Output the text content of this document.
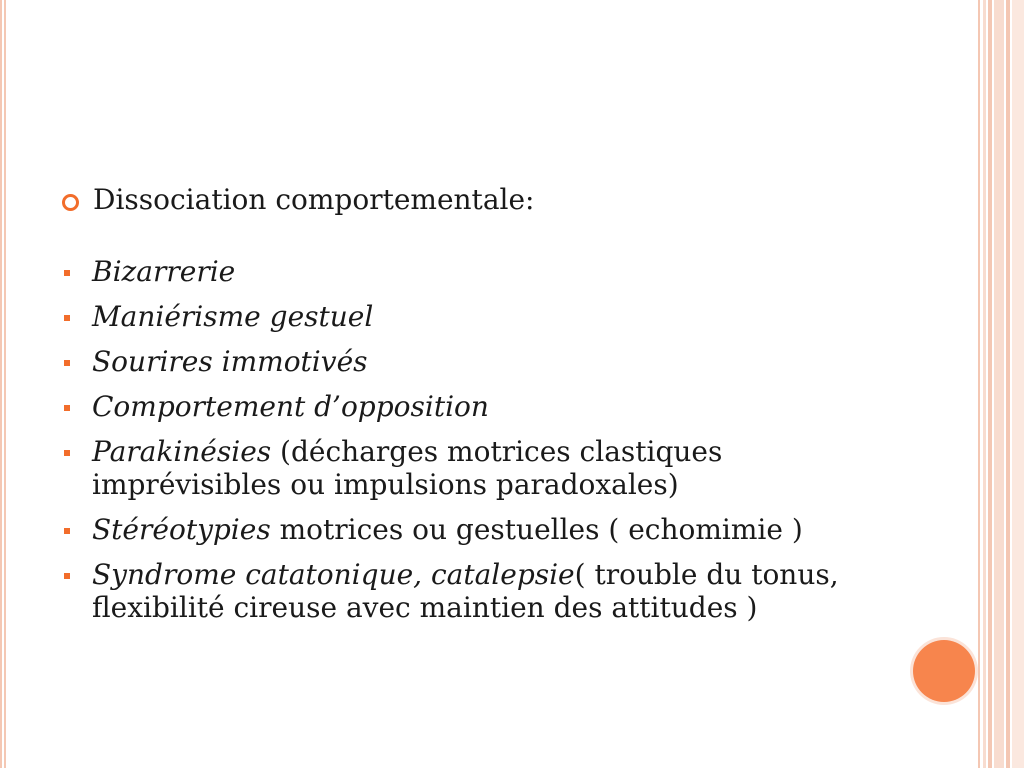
Dissociation comportementale:
Bizarrerie
Maniérisme gestuel
Sourires immotivés
Comportement d’opposition
Parakinésies (décharges motrices clastiques imprévisibles ou impulsions paradoxales)
Stéréotypies motrices ou gestuelles ( echomimie )
Syndrome catatonique, catalepsie( trouble du tonus, flexibilité cireuse avec maintien des attitudes )
